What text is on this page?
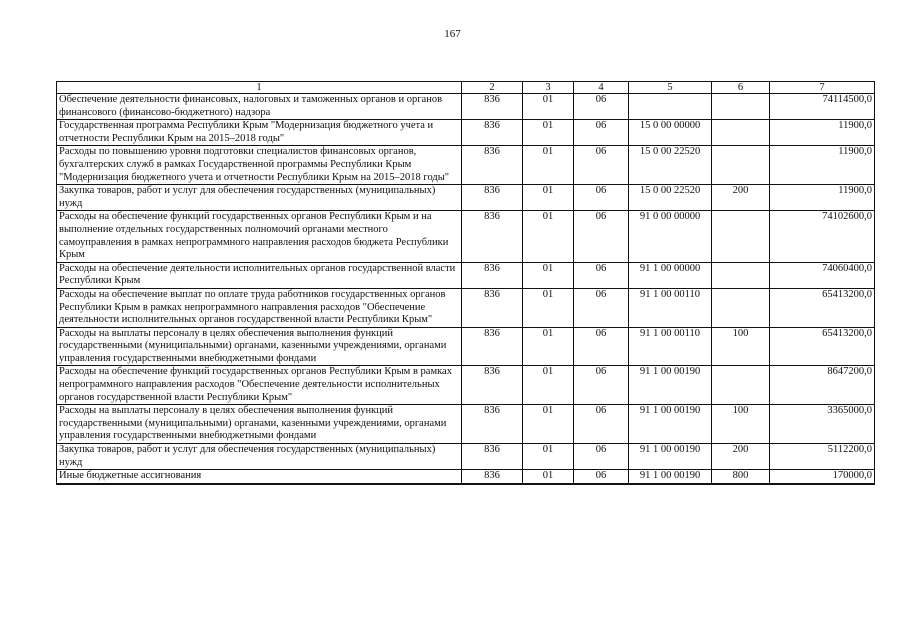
167
1	2	3	4	5	6	7
Обеспечение деятельности финансовых, налоговых и таможенных органов и органов финансового (финансово-бюджетного) надзора	836	01	06			74114500,0
Государственная программа Республики Крым "Модернизация бюджетного учета и отчетности Республики Крым на 2015–2018 годы"	836	01	06	15 0 00 00000		11900,0
Расходы по повышению уровня подготовки специалистов финансовых органов, бухгалтерских служб в рамках Государственной программы Республики Крым "Модернизация бюджетного учета и отчетности Республики Крым на 2015–2018 годы"	836	01	06	15 0 00 22520		11900,0
Закупка товаров, работ и услуг для обеспечения государственных (муниципальных) нужд	836	01	06	15 0 00 22520	200	11900,0
Расходы на обеспечение функций государственных органов Республики Крым и на выполнение отдельных государственных полномочий органами местного самоуправления в рамках непрограммного направления расходов бюджета Республики Крым	836	01	06	91 0 00 00000		74102600,0
Расходы на обеспечение деятельности исполнительных органов государственной власти Республики Крым	836	01	06	91 1 00 00000		74060400,0
Расходы на обеспечение выплат по оплате труда работников государственных органов Республики Крым в рамках непрограммного направления расходов "Обеспечение деятельности исполнительных органов государственной власти Республики Крым"	836	01	06	91 1 00 00110		65413200,0
Расходы на выплаты персоналу в целях обеспечения выполнения функций государственными (муниципальными) органами, казенными учреждениями, органами управления государственными внебюджетными фондами	836	01	06	91 1 00 00110	100	65413200,0
Расходы на обеспечение функций государственных органов Республики Крым в рамках непрограммного направления расходов "Обеспечение деятельности исполнительных органов государственной власти Республики Крым"	836	01	06	91 1 00 00190		8647200,0
Расходы на выплаты персоналу в целях обеспечения выполнения функций государственными (муниципальными) органами, казенными учреждениями, органами управления государственными внебюджетными фондами	836	01	06	91 1 00 00190	100	3365000,0
Закупка товаров, работ и услуг для обеспечения государственных (муниципальных) нужд	836	01	06	91 1 00 00190	200	5112200,0
Иные бюджетные ассигнования	836	01	06	91 1 00 00190	800	170000,0
